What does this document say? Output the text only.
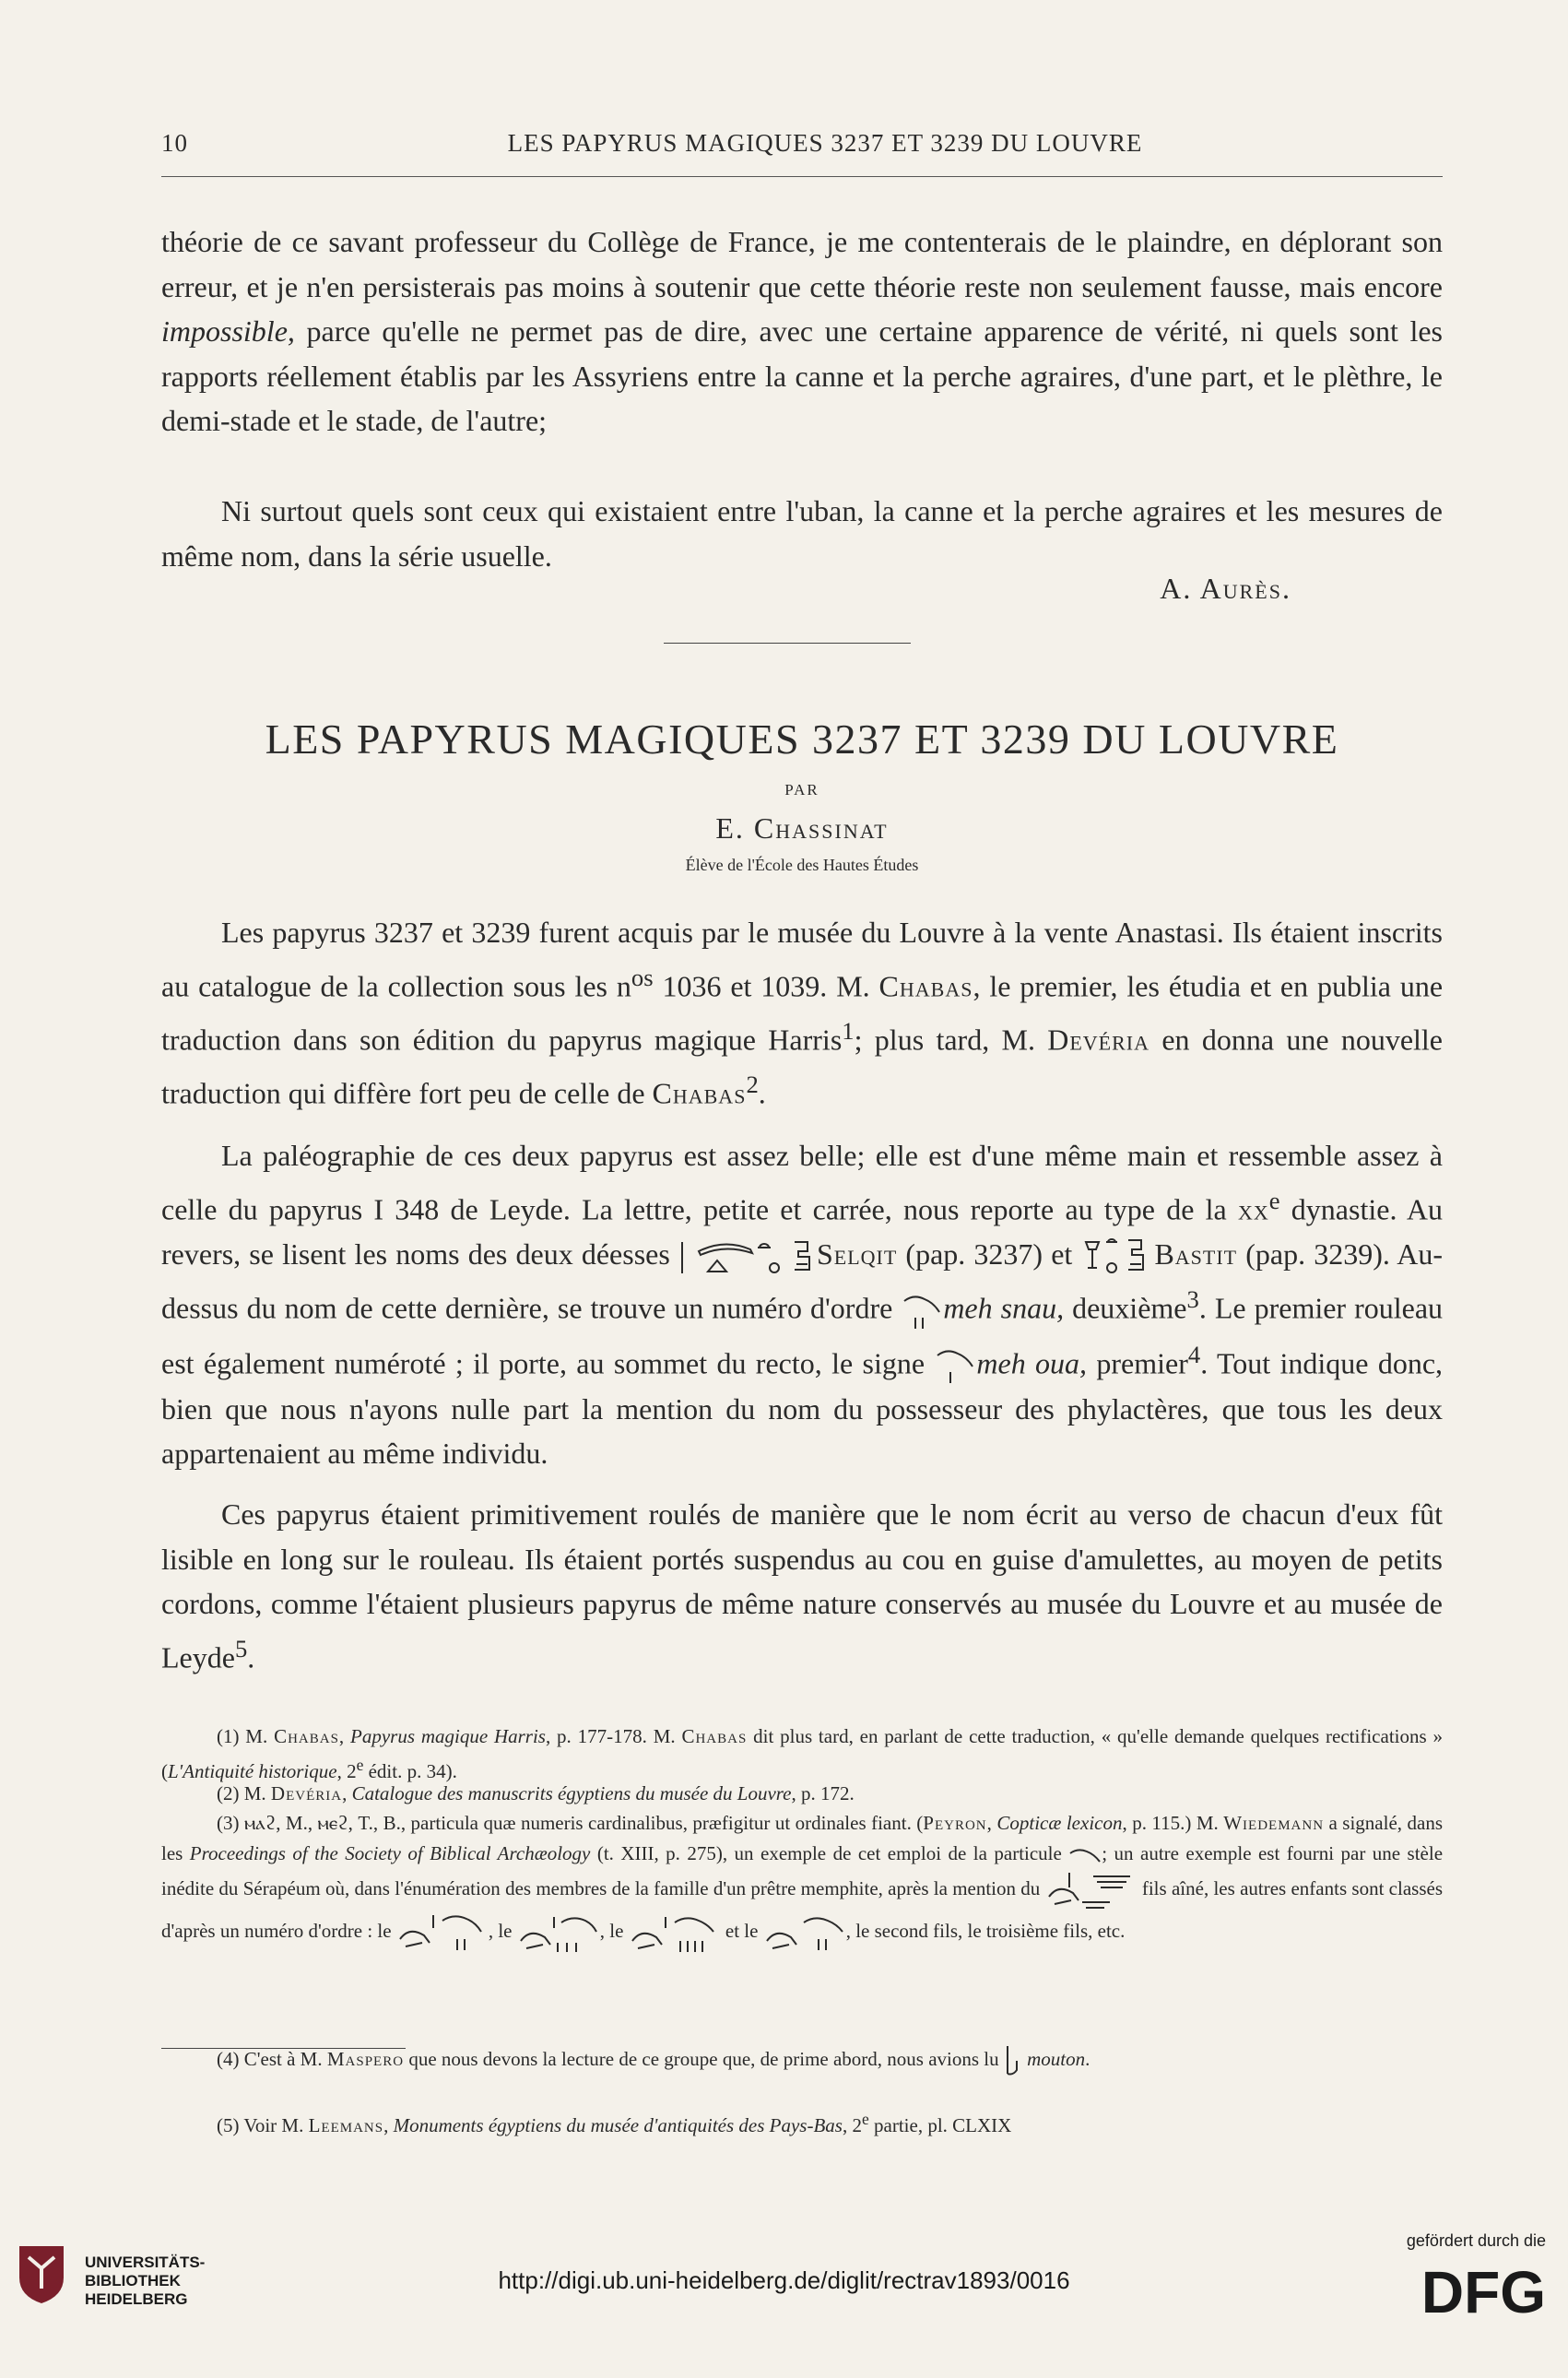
10	LES PAPYRUS MAGIQUES 3237 ET 3239 DU LOUVRE

théorie de ce savant professeur du Collège de France, je me contenterais de le plaindre, en déplorant son erreur, et je n'en persisterais pas moins à soutenir que cette théorie reste non seulement fausse, mais encore impossible, parce qu'elle ne permet pas de dire, avec une certaine apparence de vérité, ni quels sont les rapports réellement établis par les Assyriens entre la canne et la perche agraires, d'une part, et le plèthre, le demi-stade et le stade, de l'autre;

Ni surtout quels sont ceux qui existaient entre l'uban, la canne et la perche agraires et les mesures de même nom, dans la série usuelle.

A. Aurès.
LES PAPYRUS MAGIQUES 3237 ET 3239 DU LOUVRE
PAR
E. Chassinat
Élève de l'École des Hautes Études

Les papyrus 3237 et 3239 furent acquis par le musée du Louvre à la vente Anastasi. Ils étaient inscrits au catalogue de la collection sous les $n^{os}$ 1036 et 1039. M. Chabas, le premier, les étudia et en publia une traduction dans son édition du papyrus magique Harris$^1$; plus tard, M. Devéria en donna une nouvelle traduction qui diffère fort peu de celle de Chabas$^2$.

La paléographie de ces deux papyrus est assez belle; elle est d'une même main et ressemble assez à celle du papyrus I 348 de Leyde. La lettre, petite et carrée, nous reporte au type de la $xx^e$ dynastie. Au revers, se lisent les noms des deux déesses	Selqit (pap. 3237) et	Bastit (pap. 3239). Au-dessus du nom de cette dernière, se trouve un numéro d'ordre
meh snau, deuxième$^3$. Le premier rouleau est également numéroté ; il porte, au sommet du recto, le signe
meh oua, premier$^4$. Tout indique donc, bien que nous n'ayons nulle part la mention du nom du possesseur des phylactères, que tous les deux appartenaient au même individu.

Ces papyrus étaient primitivement roulés de manière que le nom écrit au verso de chacun d'eux fût lisible en long sur le rouleau. Ils étaient portés suspendus au cou en guise d'amulettes, au moyen de petits cordons, comme l'étaient plusieurs papyrus de même nature conservés au musée du Louvre et au musée de Leyde$^5$.

(1) M. Chabas, Papyrus magique Harris, p. 177-178. M. Chabas dit plus tard, en parlant de cette traduction, « qu'elle demande quelques rectifications » (L'Antiquité historique, 2e édit. p. 34).

(2) M. Devéria, Catalogue des manuscrits égyptiens du musée du Louvre, p. 172.

(3) ⲙⲁϩ, M., ⲙⲉϩ, T., B., particula quæ numeris cardinalibus, præfigitur ut ordinales fiant. (Peyron, Copticæ lexicon, p. 115.) M. Wiedemann a signalé, dans les Proceedings of the Society of Biblical Archæology (t. XIII, p. 275), un exemple de cet emploi de la particule
; un autre exemple est fourni par une stèle inédite du Sérapéum où, dans l'énumération des membres de la famille d'un prêtre memphite, après la mention du	fils aîné, les autres enfants sont classés d'après un numéro d'ordre : le	, le	, le	et le	, le second fils, le troisième fils, etc.

(4) C'est à M. Maspero que nous devons la lecture de ce groupe que, de prime abord, nous avions lu
mouton.

(5) Voir M. Leemans, Monuments égyptiens du musée d'antiquités des Pays-Bas, 2e partie, pl. CLXIX

UNIVERSITÄTS-
BIBLIOTHEK
HEIDELBERG
http://digi.ub.uni-heidelberg.de/diglit/rectrav1893/0016
gefördert durch die
DFG
